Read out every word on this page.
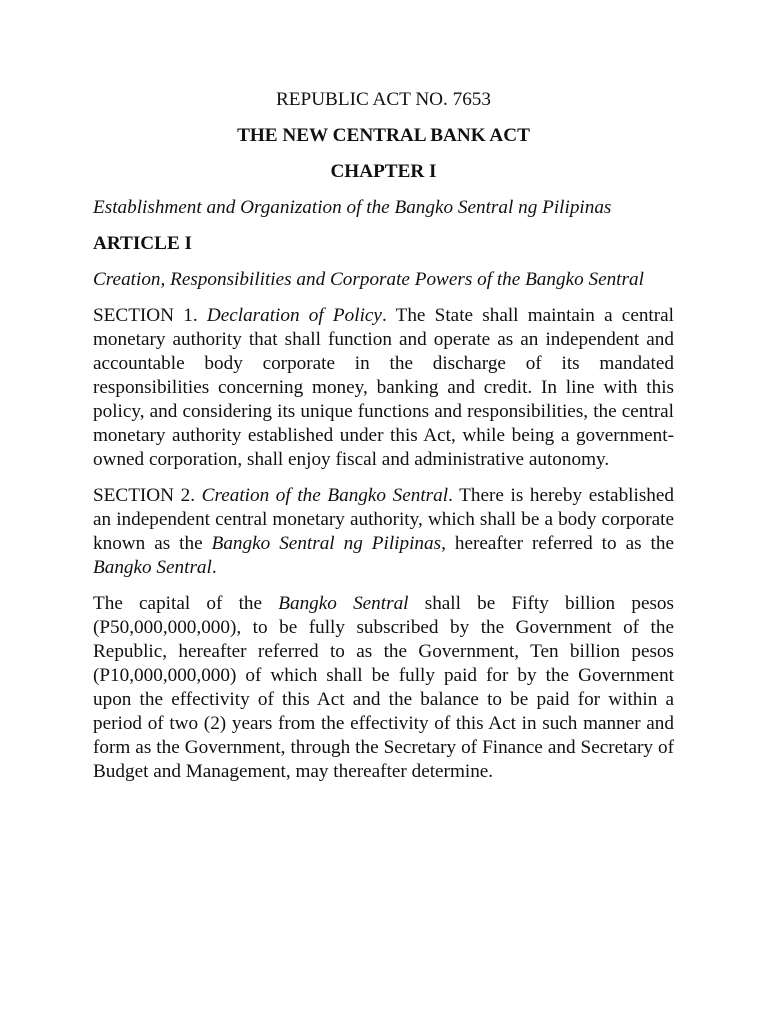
REPUBLIC ACT NO. 7653

THE NEW CENTRAL BANK ACT

CHAPTER I

Establishment and Organization of the Bangko Sentral ng Pilipinas

ARTICLE I

Creation, Responsibilities and Corporate Powers of the Bangko Sentral

SECTION 1. Declaration of Policy. The State shall maintain a central monetary authority that shall function and operate as an independent and accountable body corporate in the discharge of its mandated responsibilities concerning money, banking and credit. In line with this policy, and considering its unique functions and responsibilities, the central monetary authority established under this Act, while being a government-owned corporation, shall enjoy fiscal and administrative autonomy.

SECTION 2. Creation of the Bangko Sentral. There is hereby established an independent central monetary authority, which shall be a body corporate known as the Bangko Sentral ng Pilipinas, hereafter referred to as the Bangko Sentral.

The capital of the Bangko Sentral shall be Fifty billion pesos (P50,000,000,000), to be fully subscribed by the Government of the Republic, hereafter referred to as the Government, Ten billion pesos (P10,000,000,000) of which shall be fully paid for by the Government upon the effectivity of this Act and the balance to be paid for within a period of two (2) years from the effectivity of this Act in such manner and form as the Government, through the Secretary of Finance and Secretary of Budget and Management, may thereafter determine.
